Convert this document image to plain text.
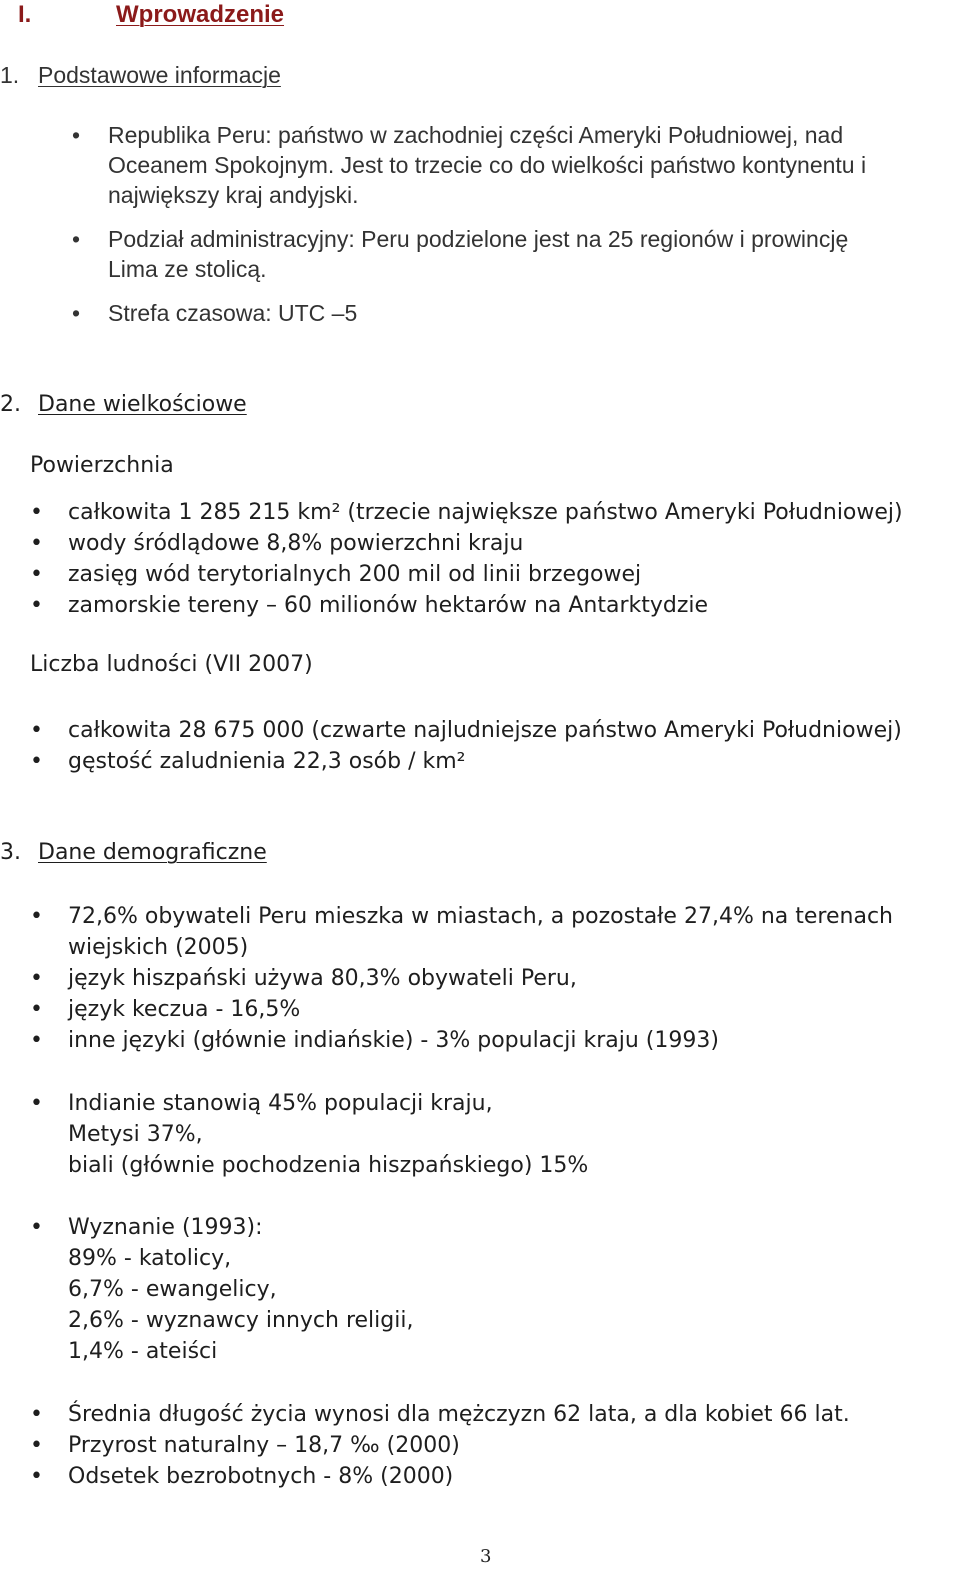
I.	Wprowadzenie
1. Podstawowe informacje
• Republika Peru: państwo w zachodniej części Ameryki Południowej, nad
Oceanem Spokojnym. Jest to trzecie co do wielkości państwo kontynentu i
największy kraj andyjski.
• Podział administracyjny: Peru podzielone jest na 25 regionów i prowincję
Lima ze stolicą.
• Strefa czasowa: UTC –5
2. Dane wielkościowe
Powierzchnia
• całkowita 1 285 215 km² (trzecie największe państwo Ameryki Południowej)
• wody śródlądowe 8,8% powierzchni kraju
• zasięg wód terytorialnych 200 mil od linii brzegowej
• zamorskie tereny – 60 milionów hektarów na Antarktydzie
Liczba ludności (VII 2007)
• całkowita 28 675 000 (czwarte najludniejsze państwo Ameryki Południowej)
• gęstość zaludnienia 22,3 osób / km²
3. Dane demograficzne
• 72,6% obywateli Peru mieszka w miastach, a pozostałe 27,4% na terenach
wiejskich (2005)
• język hiszpański używa 80,3% obywateli Peru,
• język keczua - 16,5%
• inne języki (głównie indiańskie) - 3% populacji kraju (1993)
• Indianie stanowią 45% populacji kraju,
Metysi 37%,
biali (głównie pochodzenia hiszpańskiego) 15%
• Wyznanie (1993):
89% - katolicy,
6,7% - ewangelicy,
2,6% - wyznawcy innych religii,
1,4% - ateiści
• Średnia długość życia wynosi dla mężczyzn 62 lata, a dla kobiet 66 lat.
• Przyrost naturalny – 18,7 ‰ (2000)
• Odsetek bezrobotnych - 8% (2000)
3
